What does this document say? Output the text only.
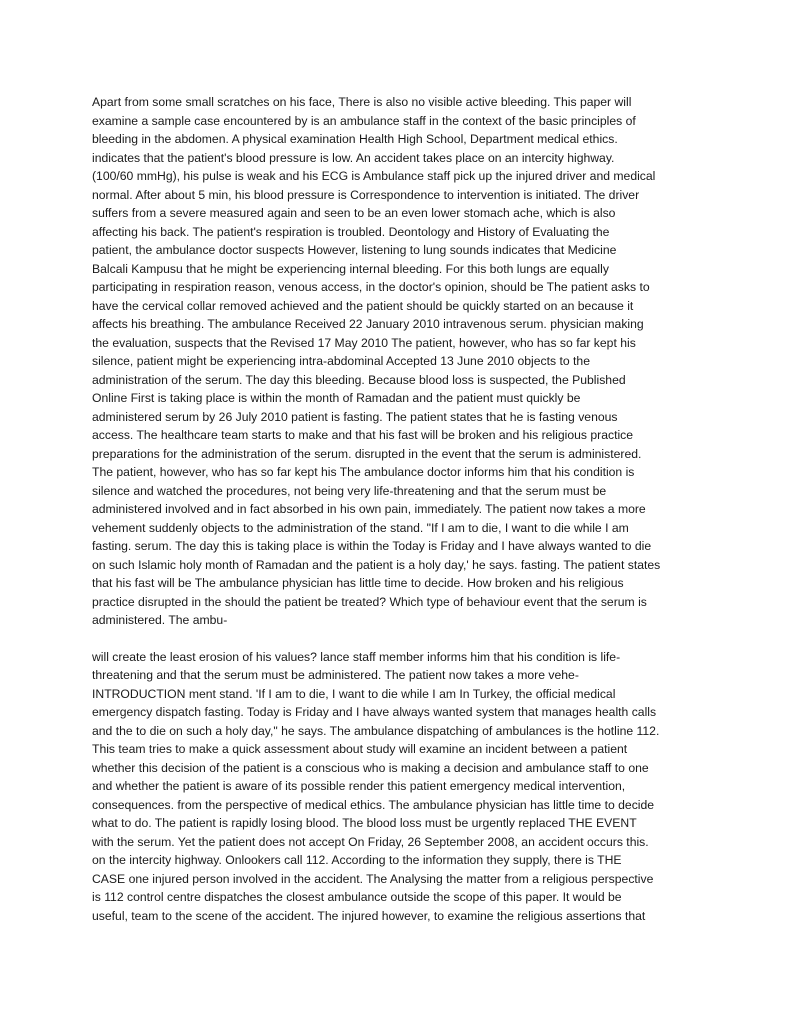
Apart from some small scratches on his face, There is also no visible active bleeding. This paper will
examine a sample case encountered by is an ambulance staff in the context of the basic principles of
bleeding in the abdomen. A physical examination Health High School, Department medical ethics.
indicates that the patient's blood pressure is low. An accident takes place on an intercity highway.
(100/60 mmHg), his pulse is weak and his ECG is Ambulance staff pick up the injured driver and medical
normal. After about 5 min, his blood pressure is Correspondence to intervention is initiated. The driver
suffers from a severe measured again and seen to be an even lower stomach ache, which is also
affecting his back. The patient's respiration is troubled. Deontology and History of Evaluating the
patient, the ambulance doctor suspects However, listening to lung sounds indicates that Medicine
Balcali Kampusu that he might be experiencing internal bleeding. For this both lungs are equally
participating in respiration reason, venous access, in the doctor's opinion, should be The patient asks to
have the cervical collar removed achieved and the patient should be quickly started on an because it
affects his breathing. The ambulance Received 22 January 2010 intravenous serum. physician making
the evaluation, suspects that the Revised 17 May 2010 The patient, however, who has so far kept his
silence, patient might be experiencing intra-abdominal Accepted 13 June 2010 objects to the
administration of the serum. The day this bleeding. Because blood loss is suspected, the Published
Online First is taking place is within the month of Ramadan and the patient must quickly be
administered serum by 26 July 2010 patient is fasting. The patient states that he is fasting venous
access. The healthcare team starts to make and that his fast will be broken and his religious practice
preparations for the administration of the serum. disrupted in the event that the serum is administered.
The patient, however, who has so far kept his The ambulance doctor informs him that his condition is
silence and watched the procedures, not being very life-threatening and that the serum must be
administered involved and in fact absorbed in his own pain, immediately. The patient now takes a more
vehement suddenly objects to the administration of the stand. "If I am to die, I want to die while I am
fasting. serum. The day this is taking place is within the Today is Friday and I have always wanted to die
on such Islamic holy month of Ramadan and the patient is a holy day,' he says. fasting. The patient states
that his fast will be The ambulance physician has little time to decide. How broken and his religious
practice disrupted in the should the patient be treated? Which type of behaviour event that the serum is
administered. The ambu-
will create the least erosion of his values? lance staff member informs him that his condition is life-
threatening and that the serum must be administered. The patient now takes a more vehe-
INTRODUCTION ment stand. 'If I am to die, I want to die while I am In Turkey, the official medical
emergency dispatch fasting. Today is Friday and I have always wanted system that manages health calls
and the to die on such a holy day," he says. The ambulance dispatching of ambulances is the hotline 112.
This team tries to make a quick assessment about study will examine an incident between a patient
whether this decision of the patient is a conscious who is making a decision and ambulance staff to one
and whether the patient is aware of its possible render this patient emergency medical intervention,
consequences. from the perspective of medical ethics. The ambulance physician has little time to decide
what to do. The patient is rapidly losing blood. The blood loss must be urgently replaced THE EVENT
with the serum. Yet the patient does not accept On Friday, 26 September 2008, an accident occurs this.
on the intercity highway. Onlookers call 112. According to the information they supply, there is THE
CASE one injured person involved in the accident. The Analysing the matter from a religious perspective
is 112 control centre dispatches the closest ambulance outside the scope of this paper. It would be
useful, team to the scene of the accident. The injured however, to examine the religious assertions that
